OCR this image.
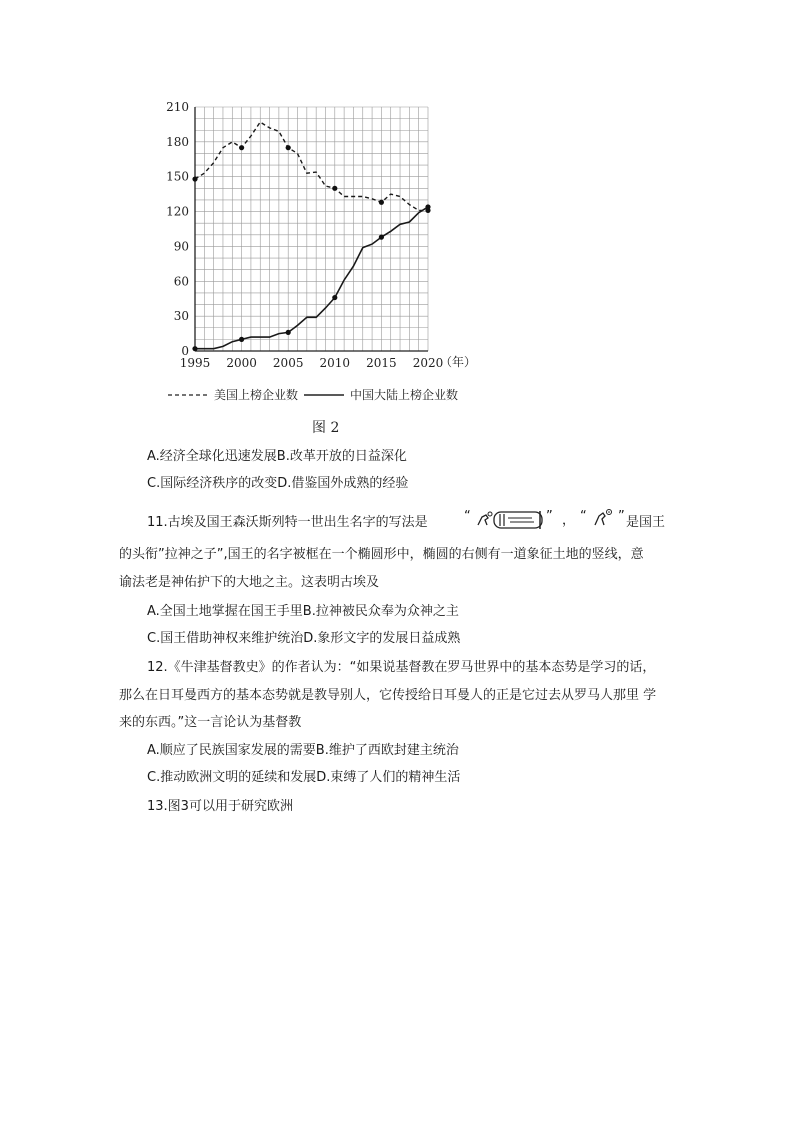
0
30
60
90
120
150
180
210
1995 2000 2005 2010 2015 2020
（年）
美国上榜企业数	中国大陆上榜企业数
图 2
A.经济全球化迅速发展B.改革开放的日益深化
C.国际经济秩序的改变D.借鉴国外成熟的经验
11.古埃及国王森沃斯列特一世出生名字的写法是	“	” ， “ ” 是国王
的头衔”拉神之子”,国王的名字被框在一个椭圆形中，椭圆的右侧有一道象征土地的竖线，意
谕法老是神佑护下的大地之主。这表明古埃及
A.全国土地掌握在国王手里B.拉神被民众奉为众神之主
C.国王借助神权来维护统治D.象形文字的发展日益成熟
12.《牛津基督教史》的作者认为：“如果说基督教在罗马世界中的基本态势是学习的话，
那么在日耳曼西方的基本态势就是教导别人，它传授给日耳曼人的正是它过去从罗马人那里 学
来的东西。”这一言论认为基督教
A.顺应了民族国家发展的需要B.维护了西欧封建主统治
C.推动欧洲文明的延续和发展D.束缚了人们的精神生活
13.图3可以用于研究欧洲
